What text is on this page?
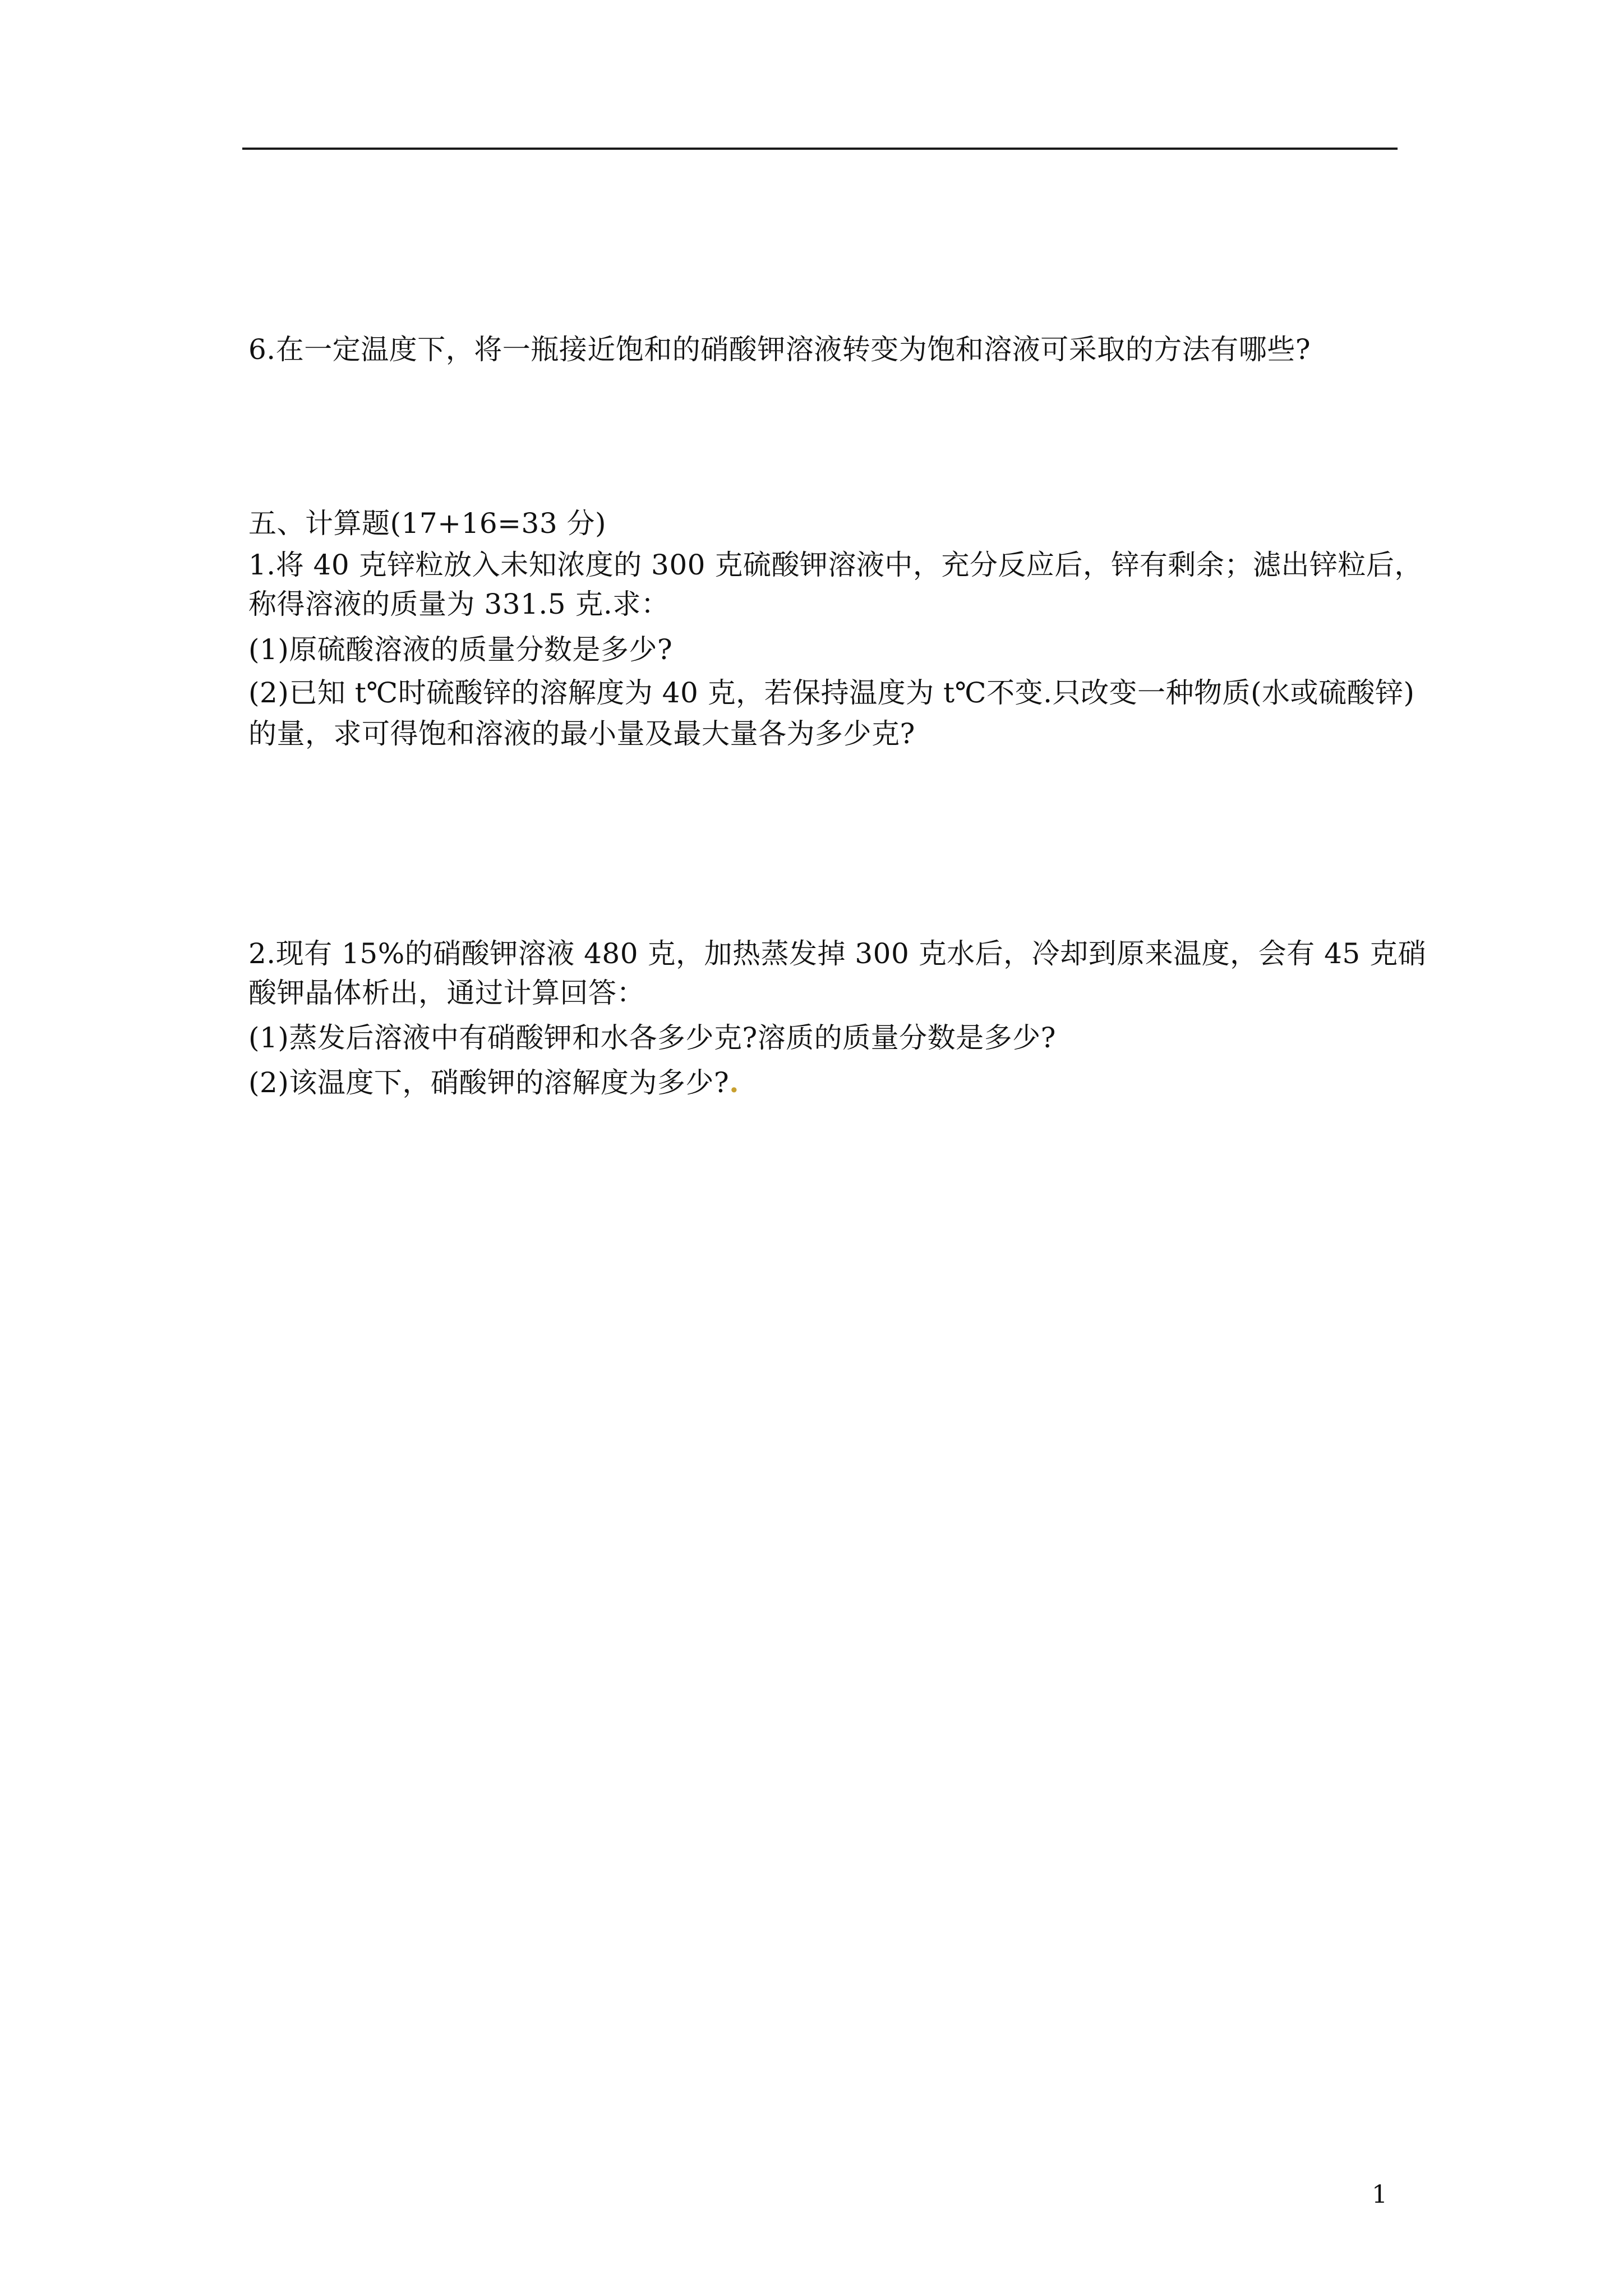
6.在一定温度下，将一瓶接近饱和的硝酸钾溶液转变为饱和溶液可采取的方法有哪些?
五、计算题(17+16=33 分)
1.将 40 克锌粒放入未知浓度的 300 克硫酸钾溶液中，充分反应后，锌有剩余；滤出锌粒后，
称得溶液的质量为 331.5 克.求：
(1)原硫酸溶液的质量分数是多少?
(2)已知 t℃时硫酸锌的溶解度为 40 克，若保持温度为 t℃不变.只改变一种物质(水或硫酸锌)
的量，求可得饱和溶液的最小量及最大量各为多少克?
2.现有 15%的硝酸钾溶液 480 克，加热蒸发掉 300 克水后，冷却到原来温度，会有 45 克硝
酸钾晶体析出，通过计算回答：
(1)蒸发后溶液中有硝酸钾和水各多少克?溶质的质量分数是多少?
(2)该温度下，硝酸钾的溶解度为多少?.
1
